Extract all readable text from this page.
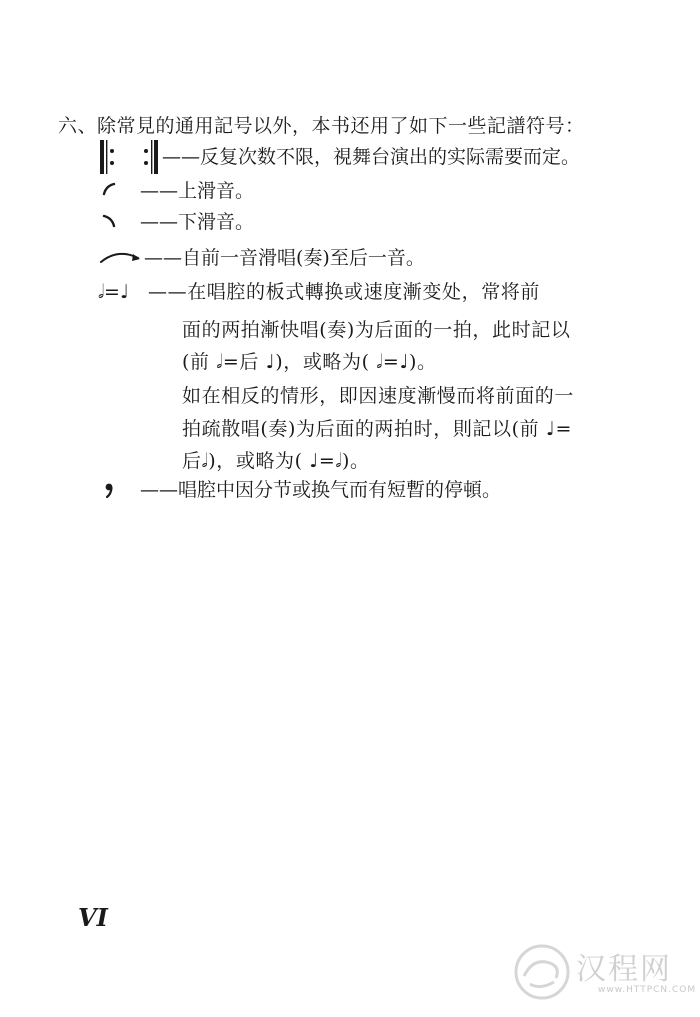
六、除常見的通用記号以外，本书还用了如下一些記譜符号：
——反复次数不限，視舞台演出的实际需要而定。
——上滑音。
——下滑音。
——自前一音滑唱(奏)至后一音。
𝅗𝅥=♩ ——在唱腔的板式轉换或速度漸变处，常将前
面的两拍漸快唱(奏)为后面的一拍，此时記以
(前 𝅗𝅥=后 ♩)，或略为( 𝅗𝅥=♩)。
如在相反的情形，即因速度漸慢而将前面的一
拍疏散唱(奏)为后面的两拍时，則記以(前 ♩=
后𝅗𝅥)，或略为( ♩=𝅗𝅥)。
——唱腔中因分节或换气而有短暫的停頓。
VI
汉程网
www.HTTPCN.COM
